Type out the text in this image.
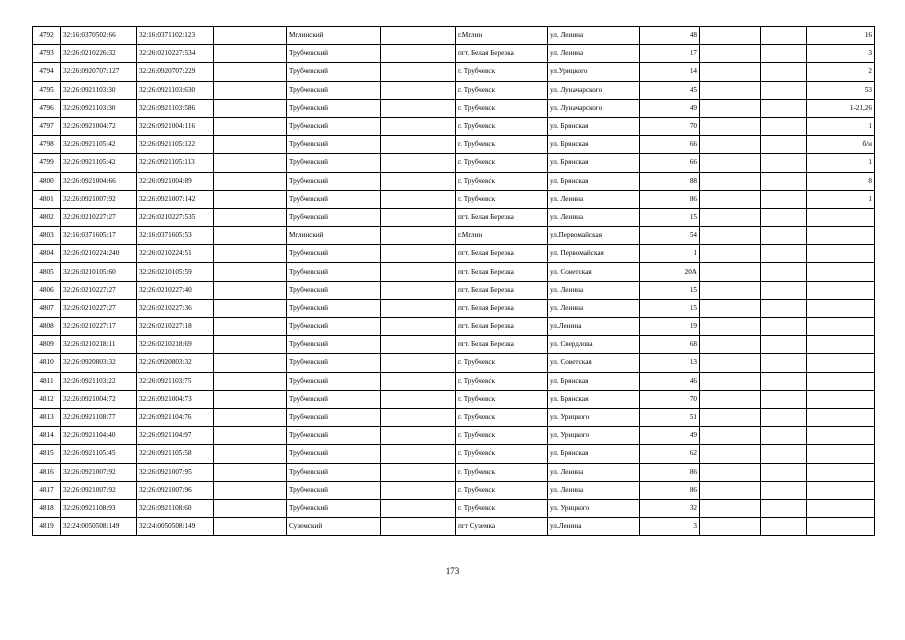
4792	32:16:0370502:66	32:16:0371102:123		Мглинский		г.Мглин	ул. Ленина	48			16
4793	32:26:0210226:32	32:26:0210227:534		Трубчевский		пгт. Белая Березка	ул. Ленина	17			3
4794	32:26:0920707:127	32:26:0920707:229		Трубчевский		г. Трубчевск	ул.Урицкого	14			2
4795	32:26:0921103:30	32:26:0921103:630		Трубчевский		г. Трубчевск	ул. Луначарского	45			53
4796	32:26:0921103:30	32:26:0921103:586		Трубчевский		г. Трубчевск	ул. Луначарского	49			1-21,26
4797	32:26:0921004:72	32:26:0921004:116		Трубчевский		г. Трубчевск	ул. Брянская	70			1
4798	32:26:0921105:42	32:26:0921105:122		Трубчевский		г. Трубчевск	ул. Брянская	66			б/н
4799	32:26:0921105:42	32:26:0921105:113		Трубчевский		г. Трубчевск	ул. Брянская	66			1
4800	32:26:0921004:66	32:26:0921004:89		Трубчевский		г. Трубчевск	ул. Брянская	88			8
4801	32:26:0921007:92	32:26:0921007:142		Трубчевский		г. Трубчевск	ул. Ленина	86			1
4802	32:26:0210227:27	32:26:0210227:535		Трубчевский		пгт. Белая Березка	ул. Ленина	15			
4803	32:16:0371605:17	32:16:0371605:53		Мглинский		г.Мглин	ул.Первомайская	54			
4804	32:26:0210224:240	32:26:0210224:51		Трубчевский		пгт. Белая Березка	ул. Первомайская	1			
4805	32:26:0210105:60	32:26:0210105:59		Трубчевский		пгт. Белая Березка	ул. Советская	20А			
4806	32:26:0210227:27	32:26:0210227:40		Трубчевский		пгт. Белая Березка	ул. Ленина	15			
4807	32:26:0210227:27	32:26:0210227:36		Трубчевский		пгт. Белая Березка	ул. Ленина	15			
4808	32:26:0210227:17	32:26:0210227:18		Трубчевский		пгт. Белая Березка	ул.Ленина	19			
4809	32:26:0210218:11	32:26:0210218:69		Трубчевский		пгт. Белая Березка	ул. Свердлова	68			
4810	32:26:0920803:32	32:26:0920803:32		Трубчевский		г. Трубчевск	ул. Советская	13			
4811	32:26:0921103:22	32:26:0921103:75		Трубчевский		г. Трубчевск	ул. Брянская	46			
4812	32:26:0921004:72	32:26:0921004:73		Трубчевский		г. Трубчевск	ул. Брянская	70			
4813	32:26:0921108:77	32:26:0921104:76		Трубчевский		г. Трубчевск	ул. Урицкого	51			
4814	32:26:0921104:40	32:26:0921104:97		Трубчевский		г. Трубчевск	ул. Урицкого	49			
4815	32:26:0921105:45	32:26:0921105:58		Трубчевский		г. Трубчевск	ул. Брянская	62			
4816	32:26:0921007:92	32:26:0921007:95		Трубчевский		г. Трубчевск	ул. Ленина	86			
4817	32:26:0921007:92	32:26:0921007:96		Трубчевский		г. Трубчевск	ул. Ленина	86			
4818	32:26:0921108:93	32:26:0921108:60		Трубчевский		г. Трубчевск	ул. Урицкого	32			
4819	32:24:0050508:149	32:24:0050508:149		Суземский		пгт Суземка	ул.Ленина	3			
173
